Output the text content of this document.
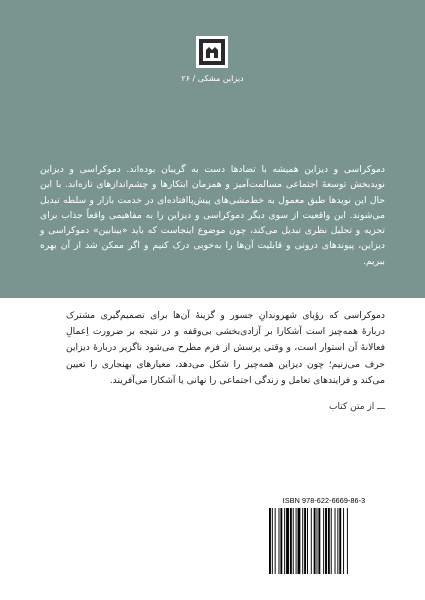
دیزاین مشکی / ۲۶
دموکراسی و دیزاین همیشه با تضادها دست به گریبان بوده‌اند. دموکراسی و دیزاین نویدبخش توسعهٔ اجتماعی مسالمت‌آمیز و همزمان ابتکارها و چشم‌اندازهای تازه‌اند. با این حال این نویدها طبق معمول به خط‌مشی‌های پیش‌پاافتاده‌ای در خدمت بازار و سلطه تبدیل می‌شوند. این واقعیت از سوی دیگر دموکراسی و دیزاین را به مفاهیمی واقعاً جذاب برای تجزیه و تحلیل نظری تبدیل می‌کند، چون موضوع اینجاست که باید «بینابین» دموکراسی و دیزاین، پیوندهای درونی و قابلیت آن‌ها را به‌خوبی درک کنیم و اگر ممکن شد از آن بهره ببریم.
دموکراسی که رؤیای شهروندانِ جسور و گزینهٔ آن‌ها برای تصمیم‌گیری مشترک دربارهٔ همه‌چیز است آشکارا بر آزادی‌بخشی بی‌وقفه و در نتیجه بر ضرورت اِعمالِ فعالانهٔ آن استوار است، و وقتی پرسش از فرم مطرح می‌شود ناگزیر دربارهٔ دیزاین حرف می‌زنیم؛ چون دیزاین همه‌چیز را شکل می‌دهد، معیارهای بهنجاری را تعیین می‌کند و فرایندهای تعامل و زندگی اجتماعی را نهانی یا آشکارا می‌آفریند.
ـــ از متن کتاب
ISBN 978-622-6669-86-3
